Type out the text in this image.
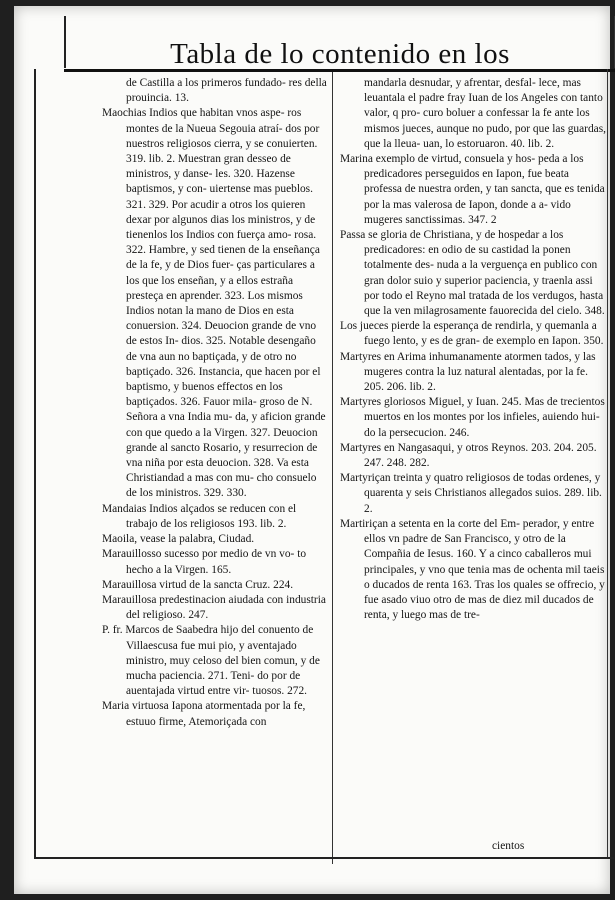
Tabla de lo contenido en los

de Castilla a los primeros fundado- res della prouincia. 13.

Maochias Indios que habitan vnos aspe- ros montes de la Nueua Segouia atraí- dos por nuestros religiosos cierra, y se conuierten. 319. lib. 2. Muestran gran desseo de ministros, y danse- les. 320. Hazense baptismos, y con- uiertense mas pueblos. 321. 329. Por acudir a otros los quieren dexar por algunos dias los ministros, y de tienenlos los Indios con fuerça amo- rosa. 322. Hambre, y sed tienen de la enseñança de la fe, y de Dios fuer- ças particulares a los que los enseñan, y a ellos estraña presteça en aprender. 323. Los mismos Indios notan la mano de Dios en esta conuersion. 324. Deuocion grande de vno de estos In- dios. 325. Notable desengaño de vna aun no baptiçada, y de otro no baptiçado. 326. Instancia, que hacen por el baptismo, y buenos effectos en los baptiçados. 326. Fauor mila- groso de N. Señora a vna India mu- da, y aficion grande con que quedo a la Virgen. 327. Deuocion grande al sancto Rosario, y resurrecion de vna niña por esta deuocion. 328. Va esta Christiandad a mas con mu- cho consuelo de los ministros. 329. 330.

Mandaias Indios alçados se reducen con el trabajo de los religiosos 193. lib. 2.

Maoila, vease la palabra, Ciudad.

Marauillosso sucesso por medio de vn vo- to hecho a la Virgen. 165.

Marauillosa virtud de la sancta Cruz. 224.

Marauillosa predestinacion aiudada con industria del religioso. 247.

P. fr. Marcos de Saabedra hijo del conuento de Villaescusa fue mui pio, y aventajado ministro, muy celoso del bien comun, y de mucha paciencia. 271. Teni- do por de auentajada virtud entre vir- tuosos. 272.

Maria virtuosa Iapona atormentada por la fe, estuuo firme, Atemoriçada con

mandarla desnudar, y afrentar, desfal- lece, mas leuantala el padre fray Iuan de los Angeles con tanto valor, q pro- curo boluer a confessar la fe ante los mismos jueces, aunque no pudo, por que las guardas, que la lleua- uan, lo estoruaron. 40. lib. 2.

Marina exemplo de virtud, consuela y hos- peda a los predicadores perseguidos en Iapon, fue beata professa de nuestra orden, y tan sancta, que es tenida por la mas valerosa de Iapon, donde a a- vido mugeres sanctissimas. 347. 2

Passa se gloria de Christiana, y de hospedar a los predicadores: en odio de su castidad la ponen totalmente des- nuda a la verguença en publico con gran dolor suio y superior paciencia, y traenla assi por todo el Reyno mal tratada de los verdugos, hasta que la ven milagrosamente fauorecida del cielo. 348.

Los jueces pierde la esperança de rendirla, y quemanla a fuego lento, y es de gran- de exemplo en Iapon. 350.

Martyres en Arima inhumanamente atormen tados, y las mugeres contra la luz natural alentadas, por la fe. 205. 206. lib. 2.

Martyres gloriosos Miguel, y Iuan. 245. Mas de trecientos muertos en los montes por los infieles, auiendo hui- do la persecucion. 246.

Martyres en Nangasaqui, y otros Reynos. 203. 204. 205. 247. 248. 282.

Martyriçan treinta y quatro religiosos de todas ordenes, y quarenta y seis Christianos allegados suios. 289. lib. 2.

Martiriçan a setenta en la corte del Em- perador, y entre ellos vn padre de San Francisco, y otro de la Compañia de Iesus. 160. Y a cinco caballeros mui principales, y vno que tenia mas de ochenta mil taeis o ducados de renta 163. Tras los quales se offrecio, y fue asado viuo otro de mas de diez mil ducados de renta, y luego mas de tre-

cientos
